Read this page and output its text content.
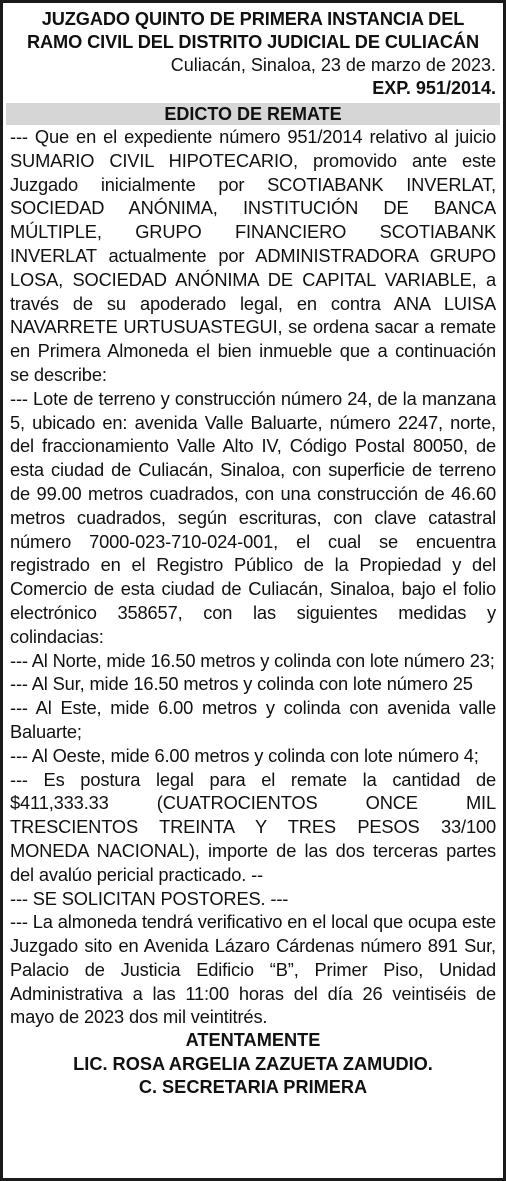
JUZGADO QUINTO DE PRIMERA INSTANCIA DEL
RAMO CIVIL DEL DISTRITO JUDICIAL DE CULIACÁN
Culiacán, Sinaloa, 23 de marzo de 2023.
EXP. 951/2014.
EDICTO DE REMATE

--- Que en el expediente número 951/2014 relativo al juicio SUMARIO CIVIL HIPOTECARIO, promovido ante este Juzgado inicialmente por SCOTIABANK INVERLAT, SOCIEDAD ANÓNIMA, INSTITUCIÓN DE BANCA MÚLTIPLE, GRUPO FINANCIERO SCOTIABANK INVERLAT actualmente por ADMINISTRADORA GRUPO LOSA, SOCIEDAD ANÓNIMA DE CAPITAL VARIABLE, a través de su apoderado legal, en contra ANA LUISA NAVARRETE URTUSUASTEGUI, se ordena sacar a remate en Primera Almoneda el bien inmueble que a continuación se describe:

--- Lote de terreno y construcción número 24, de la manzana 5, ubicado en: avenida Valle Baluarte, número 2247, norte, del fraccionamiento Valle Alto IV, Código Postal 80050, de esta ciudad de Culiacán, Sinaloa, con superficie de terreno de 99.00 metros cuadrados, con una construcción de 46.60 metros cuadrados, según escrituras, con clave catastral número 7000-023-710-024-001, el cual se encuentra registrado en el Registro Público de la Propiedad y del Comercio de esta ciudad de Culiacán, Sinaloa, bajo el folio electrónico 358657, con las siguientes medidas y colindacias:

--- Al Norte, mide 16.50 metros y colinda con lote número 23;

--- Al Sur, mide 16.50 metros y colinda con lote número 25

--- Al Este, mide 6.00 metros y colinda con avenida valle Baluarte;

--- Al Oeste, mide 6.00 metros y colinda con lote número 4;

--- Es postura legal para el remate la cantidad de $411,333.33 (CUATROCIENTOS ONCE MIL TRESCIENTOS TREINTA Y TRES PESOS 33/100 MONEDA NACIONAL), importe de las dos terceras partes del avalúo pericial practicado. --

--- SE SOLICITAN POSTORES. ---

--- La almoneda tendrá verificativo en el local que ocupa este Juzgado sito en Avenida Lázaro Cárdenas número 891 Sur, Palacio de Justicia Edificio “B”, Primer Piso, Unidad Administrativa a las 11:00 horas del día 26 veintiséis de mayo de 2023 dos mil veintitrés.

ATENTAMENTE
LIC. ROSA ARGELIA ZAZUETA ZAMUDIO.
C. SECRETARIA PRIMERA
